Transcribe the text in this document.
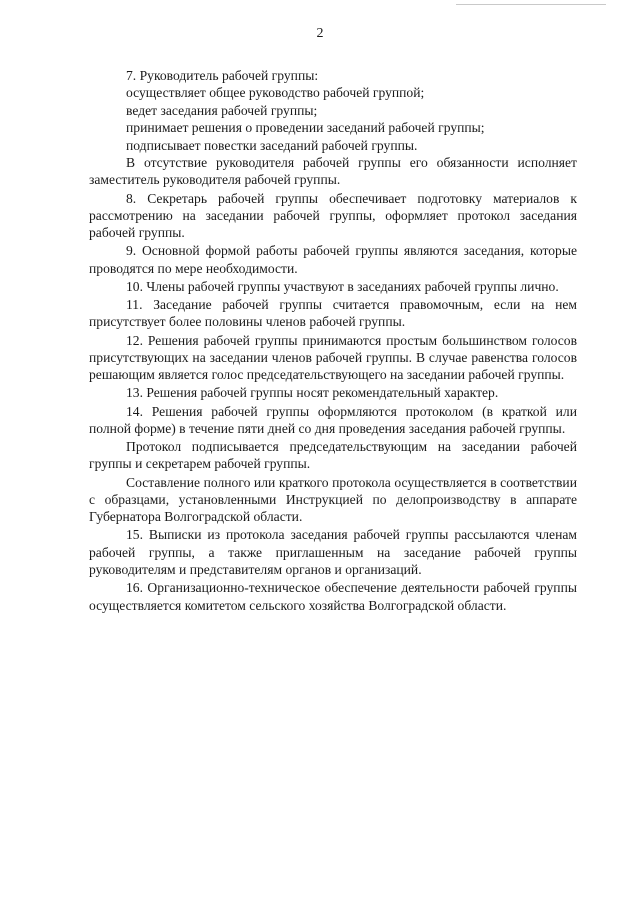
2

7. Руководитель рабочей группы:

осуществляет общее руководство рабочей группой;

ведет заседания рабочей группы;

принимает решения о проведении заседаний рабочей группы;

подписывает повестки заседаний рабочей группы.

В отсутствие руководителя рабочей группы его обязанности исполняет заместитель руководителя рабочей группы.

8. Секретарь рабочей группы обеспечивает подготовку материалов к рассмотрению на заседании рабочей группы, оформляет протокол заседания рабочей группы.

9. Основной формой работы рабочей группы являются заседания, которые проводятся по мере необходимости.

10. Члены рабочей группы участвуют в заседаниях рабочей группы лично.

11. Заседание рабочей группы считается правомочным, если на нем присутствует более половины членов рабочей группы.

12. Решения рабочей группы принимаются простым большинством голосов присутствующих на заседании членов рабочей группы. В случае равенства голосов решающим является голос председательствующего на заседании рабочей группы.

13. Решения рабочей группы носят рекомендательный характер.

14. Решения рабочей группы оформляются протоколом (в краткой или полной форме) в течение пяти дней со дня проведения заседания рабочей группы.

Протокол подписывается председательствующим на заседании рабочей группы и секретарем рабочей группы.

Составление полного или краткого протокола осуществляется в соответствии с образцами, установленными Инструкцией по делопроизводству в аппарате Губернатора Волгоградской области.

15. Выписки из протокола заседания рабочей группы рассылаются членам рабочей группы, а также приглашенным на заседание рабочей группы руководителям и представителям органов и организаций.

16. Организационно-техническое обеспечение деятельности рабочей группы осуществляется комитетом сельского хозяйства Волгоградской области.
